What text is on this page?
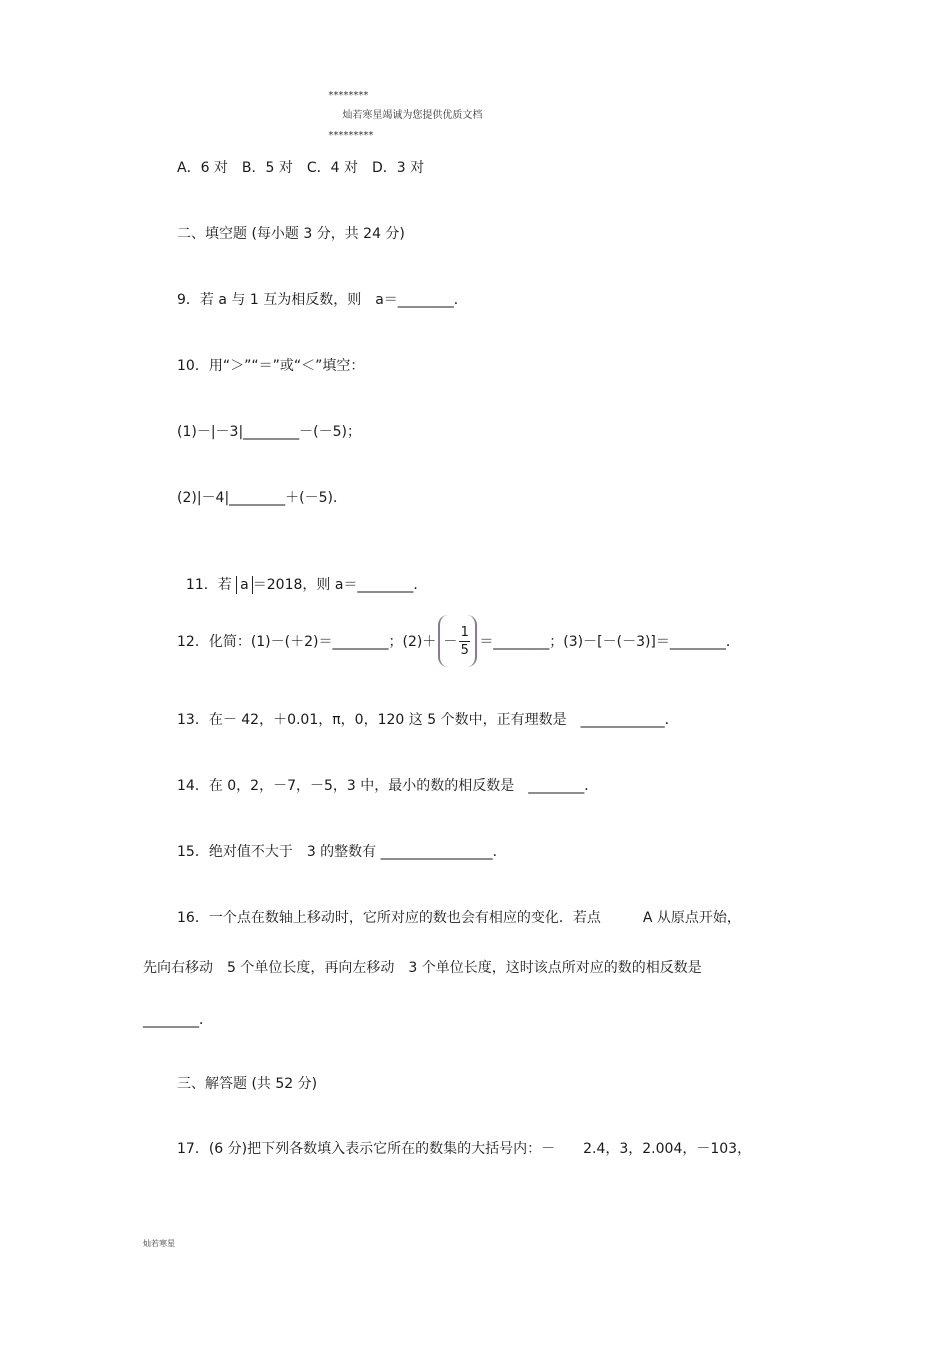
********
灿若寒星竭诚为您提供优质文档
*********

A．6 对　B．5 对　C．4 对　D．3 对
二、填空题 (每小题 3 分，共 24 分)
9．若 a 与 1 互为相反数，则　a＝________．
10．用“＞”“＝”或“＜”填空：
(1)－|－3|________－(－5)；
(2)|－4|________＋(－5)．

11．若 a ＝2018，则 a＝________．

12．化简：(1)－(＋2)＝________；$(2)+ - \frac{1}{5}$ ＝________；(3)－[－(－3)]＝________．
13．在－ 42，＋0.01，π，0，120 这 5 个数中，正有理数是　____________．
14．在 0，2，－7，－5，3 中，最小的数的相反数是　________．
15．绝对值不大于　3 的整数有 ________________．
16．一个点在数轴上移动时，它所对应的数也会有相应的变化．若点　　　A 从原点开始，
先向右移动　5 个单位长度，再向左移动　3 个单位长度，这时该点所对应的数的相反数是
________．
三、解答题 (共 52 分)
17．(6 分)把下列各数填入表示它所在的数集的大括号内：－　　2.4，3，2.004，－103，
灿若寒星
